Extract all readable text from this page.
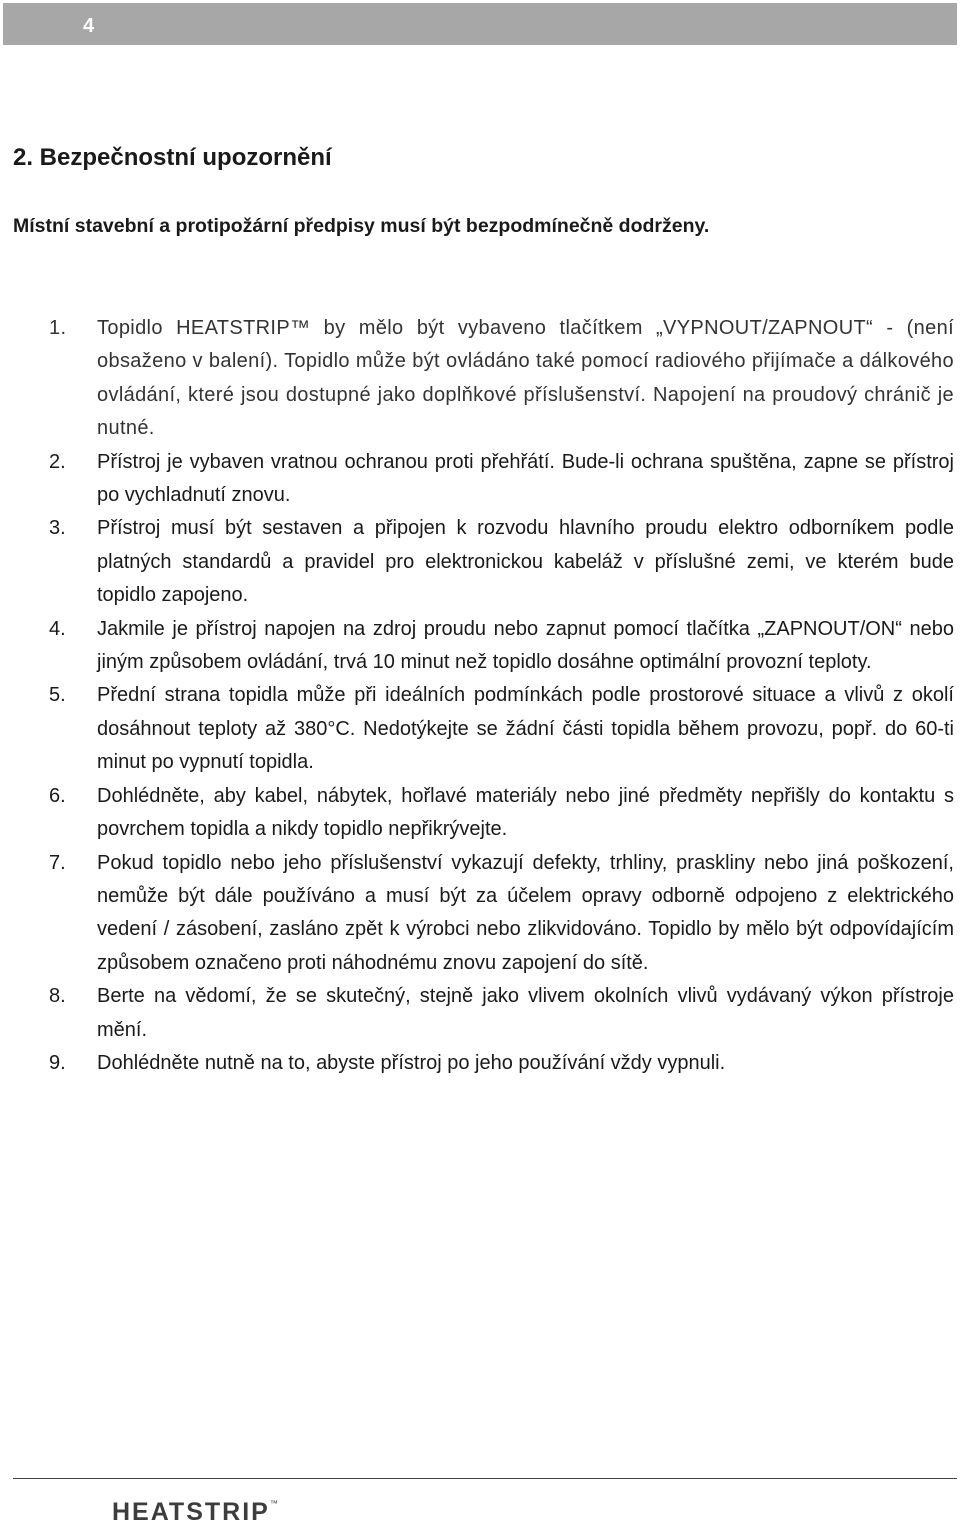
4
2. Bezpečnostní upozornění
Místní stavební a protipožární předpisy musí být bezpodmínečně dodrženy.
1. Topidlo HEATSTRIP™ by mělo být vybaveno tlačítkem „VYPNOUT/ZAPNOUT“ - (není obsaženo v balení). Topidlo může být ovládáno také pomocí radiového přijímače a dálkového ovládání, které jsou dostupné jako doplňkové příslušenství. Napojení na proudový chránič je nutné.
2. Přístroj je vybaven vratnou ochranou proti přehřátí. Bude-li ochrana spuštěna, zapne se přístroj po vychladnutí znovu.
3. Přístroj musí být sestaven a připojen k rozvodu hlavního proudu elektro odborníkem podle platných standardů a pravidel pro elektronickou kabeláž v příslušné zemi, ve kterém bude topidlo zapojeno.
4. Jakmile je přístroj napojen na zdroj proudu nebo zapnut pomocí tlačítka „ZAPNOUT/ON“ nebo jiným způsobem ovládání, trvá 10 minut než topidlo dosáhne optimální provozní teploty.
5. Přední strana topidla může při ideálních podmínkách podle prostorové situace a vlivů z okolí dosáhnout teploty až 380°C. Nedotýkejte se žádní části topidla během provozu, popř. do 60-ti minut po vypnutí topidla.
6. Dohlédněte, aby kabel, nábytek, hořlavé materiály nebo jiné předměty nepřišly do kontaktu s povrchem topidla a nikdy topidlo nepřikrývejte.
7. Pokud topidlo nebo jeho příslušenství vykazují defekty, trhliny, praskliny nebo jiná poškození, nemůže být dále používáno a musí být za účelem opravy odborně odpojeno z elektrického vedení / zásobení, zasláno zpět k výrobci nebo zlikvidováno. Topidlo by mělo být odpovídajícím způsobem označeno proti náhodnému znovu zapojení do sítě.
8. Berte na vědomí, že se skutečný, stejně jako vlivem okolních vlivů vydávaný výkon přístroje mění.
9. Dohlédněte nutně na to, abyste přístroj po jeho používání vždy vypnuli.
HEATSTRIP™
